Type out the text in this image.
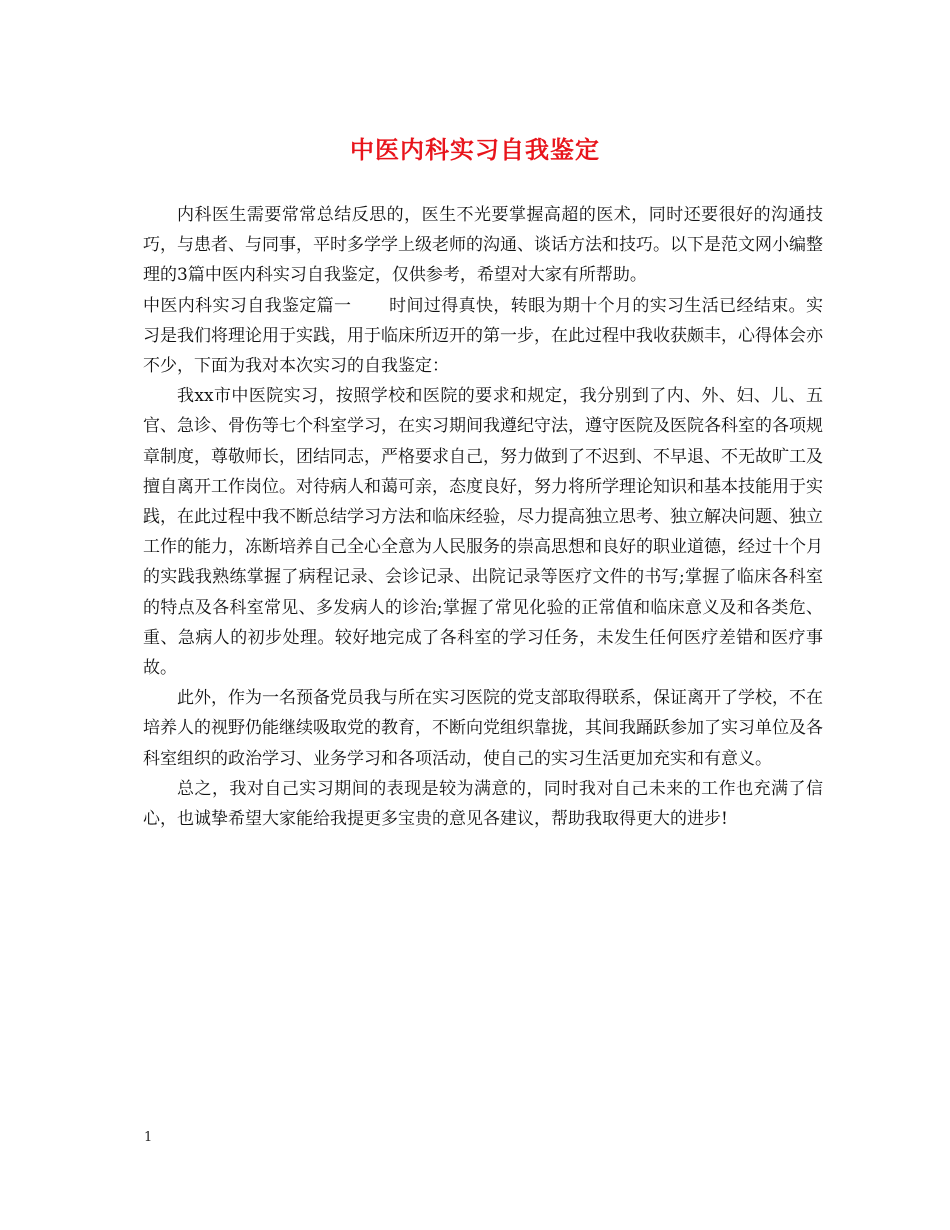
中医内科实习自我鉴定

内科医生需要常常总结反思的，医生不光要掌握高超的医术，同时还要很好的沟通技巧，与患者、与同事，平时多学学上级老师的沟通、谈话方法和技巧。以下是范文网小编整理的3篇中医内科实习自我鉴定，仅供参考，希望对大家有所帮助。

中医内科实习自我鉴定篇一 时间过得真快，转眼为期十个月的实习生活已经结束。实习是我们将理论用于实践，用于临床所迈开的第一步，在此过程中我收获颇丰，心得体会亦不少，下面为我对本次实习的自我鉴定：

我xx市中医院实习，按照学校和医院的要求和规定，我分别到了内、外、妇、儿、五官、急诊、骨伤等七个科室学习，在实习期间我遵纪守法，遵守医院及医院各科室的各项规章制度，尊敬师长，团结同志，严格要求自己，努力做到了不迟到、不早退、不无故旷工及擅自离开工作岗位。对待病人和蔼可亲，态度良好，努力将所学理论知识和基本技能用于实践，在此过程中我不断总结学习方法和临床经验，尽力提高独立思考、独立解决问题、独立工作的能力，冻断培养自己全心全意为人民服务的崇高思想和良好的职业道德，经过十个月的实践我熟练掌握了病程记录、会诊记录、出院记录等医疗文件的书写;掌握了临床各科室的特点及各科室常见、多发病人的诊治;掌握了常见化验的正常值和临床意义及和各类危、重、急病人的初步处理。较好地完成了各科室的学习任务，未发生任何医疗差错和医疗事故。

此外，作为一名预备党员我与所在实习医院的党支部取得联系，保证离开了学校，不在培养人的视野仍能继续吸取党的教育，不断向党组织靠拢，其间我踊跃参加了实习单位及各科室组织的政治学习、业务学习和各项活动，使自己的实习生活更加充实和有意义。

总之，我对自己实习期间的表现是较为满意的，同时我对自己未来的工作也充满了信心，也诚挚希望大家能给我提更多宝贵的意见各建议，帮助我取得更大的进步!

1
